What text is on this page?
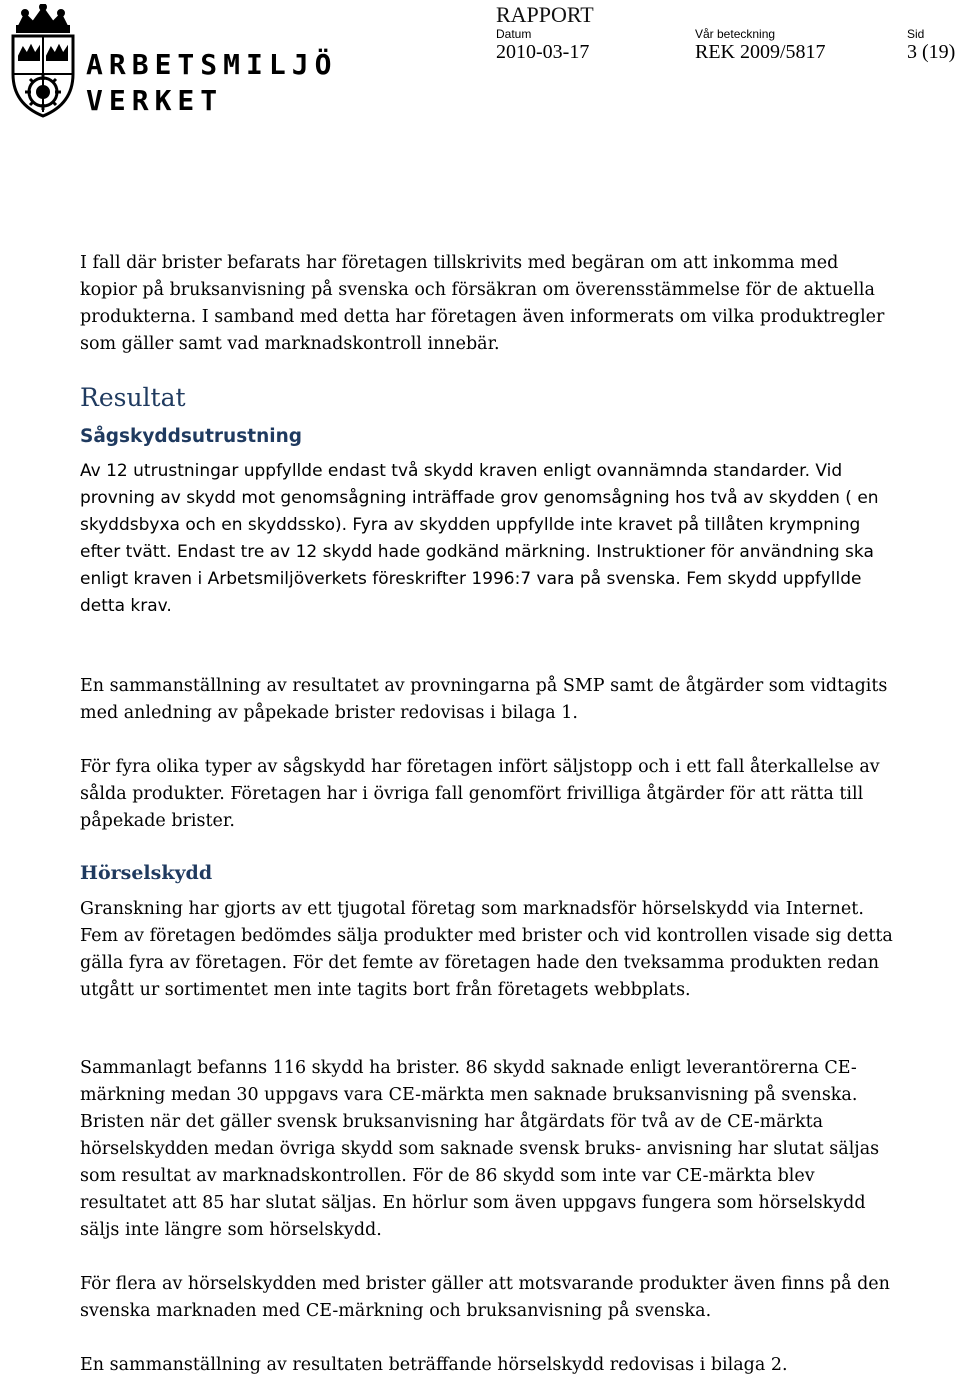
ARBETSMILJÖ
VERKET
RAPPORT
Datum
2010-03-17
Vår beteckning
REK 2009/5817
Sid
3 (19)

I fall där brister befarats har företagen tillskrivits med begäran om att inkomma med kopior på bruksanvisning på svenska och försäkran om överensstämmelse för de aktuella produkterna. I samband med detta har företagen även informerats om vilka produktregler som gäller samt vad marknadskontroll innebär.

Resultat
Sågskyddsutrustning

Av 12 utrustningar uppfyllde endast två skydd kraven enligt ovannämnda standarder. Vid provning av skydd mot genomsågning inträffade grov genomsågning hos två av skydden ( en skyddsbyxa och en skyddssko). Fyra av skydden uppfyllde inte kravet på tillåten krympning efter tvätt. Endast tre av 12 skydd hade godkänd märkning. Instruktioner för användning ska enligt kraven i Arbetsmiljöverkets föreskrifter 1996:7 vara på svenska. Fem skydd uppfyllde detta krav.

En sammanställning av resultatet av provningarna på SMP samt de åtgärder som vidtagits med anledning av påpekade brister redovisas i bilaga 1.

För fyra olika typer av sågskydd har företagen infört säljstopp och i ett fall återkallelse av sålda produkter. Företagen har i övriga fall genomfört frivilliga åtgärder för att rätta till påpekade brister.

Hörselskydd

Granskning har gjorts av ett tjugotal företag som marknadsför hörselskydd via Internet. Fem av företagen bedömdes sälja produkter med brister och vid kontrollen visade sig detta gälla fyra av företagen. För det femte av företagen hade den tveksamma produkten redan utgått ur sortimentet men inte tagits bort från företagets webbplats.

Sammanlagt befanns 116 skydd ha brister. 86 skydd saknade enligt leverantörerna CE-märkning medan 30 uppgavs vara CE-märkta men saknade bruksanvisning på svenska. Bristen när det gäller svensk bruksanvisning har åtgärdats för två av de CE-märkta hörselskydden medan övriga skydd som saknade svensk bruks- anvisning har slutat säljas som resultat av marknadskontrollen. För de 86 skydd som inte var CE-märkta blev resultatet att 85 har slutat säljas. En hörlur som även uppgavs fungera som hörselskydd säljs inte längre som hörselskydd.

För flera av hörselskydden med brister gäller att motsvarande produkter även finns på den svenska marknaden med CE-märkning och bruksanvisning på svenska.

En sammanställning av resultaten beträffande hörselskydd redovisas i bilaga 2.
